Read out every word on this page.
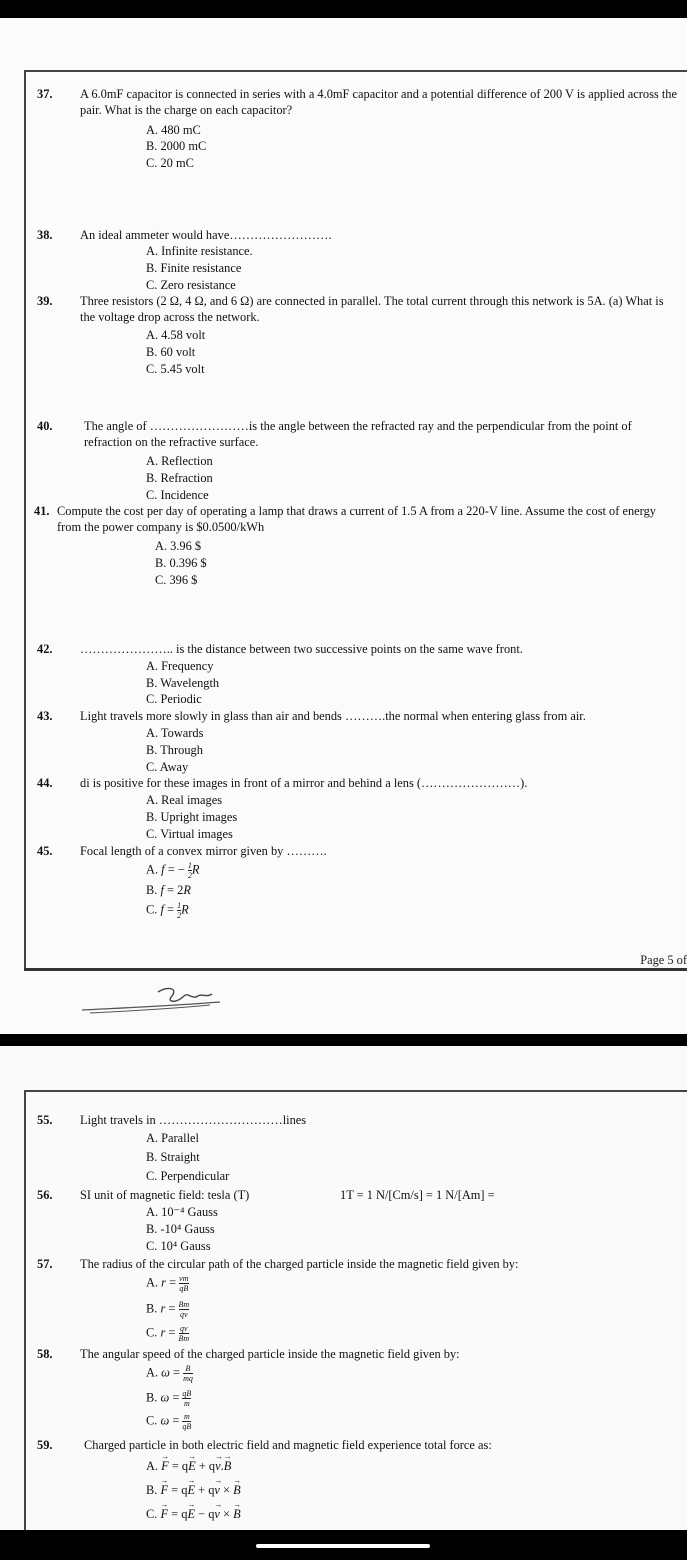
37. A 6.0mF capacitor is connected in series with a 4.0mF capacitor and a potential difference of 200 V is applied across the pair. What is the charge on each capacitor?
A. 480 mC
B. 2000 mC
C. 20 mC
38. An ideal ammeter would have…………………….
A. Infinite resistance.
B. Finite resistance
C. Zero resistance
39. Three resistors (2 Ω, 4 Ω, and 6 Ω) are connected in parallel. The total current through this network is 5A. (a) What is the voltage drop across the network.
A. 4.58 volt
B. 60 volt
C. 5.45 volt
40.	The angle of ……………………is the angle between the refracted ray and the perpendicular from the point of refraction on the refractive surface.
A. Reflection
B. Refraction
C. Incidence
41. Compute the cost per day of operating a lamp that draws a current of 1.5 A from a 220-V line. Assume the cost of energy from the power company is $0.0500/kWh
A. 3.96 $
B. 0.396 $
C. 396 $
42. ………………….. is the distance between two successive points on the same wave front.
A. Frequency
B. Wavelength
C. Periodic
43. Light travels more slowly in glass than air and bends ……….the normal when entering glass from air.
A. Towards
B. Through
C. Away
44. di is positive for these images in front of a mirror and behind a lens (……………………).
A. Real images
B. Upright images
C. Virtual images
45. Focal length of a convex mirror given by ……….
A. f = − $\frac{1}{2}$ R
B. f = 2R
C. $f = \frac{1}{2}$ R
Page 5 of
55. Light travels in …………………………lines
A. Parallel
B. Straight
C. Perpendicular
56. SI unit of magnetic field: tesla (T)	1T = 1 N/[Cm/s] = 1 N/[Am] =
A. 10⁻⁴ Gauss
B. -10⁴ Gauss
C. 10⁴ Gauss
57. The radius of the circular path of the charged particle inside the magnetic field given by:
A. $r = \frac{vm}{qB}$
B. $r = \frac{Bm}{qv}$
C. $r = \frac{qv}{Bm}$
58. The angular speed of the charged particle inside the magnetic field given by:
A. $\omega = \frac{B}{mq}$
B. $\omega = \frac{qB}{m}$
C. $\omega = \frac{m}{qB}$
59.	Charged particle in both electric field and magnetic field experience total force as:
A. → F = q→ E + q→ v.→ B
B. → F = q→ E + q→ v × → B
C. → F = q→ E − q→ v × → B
